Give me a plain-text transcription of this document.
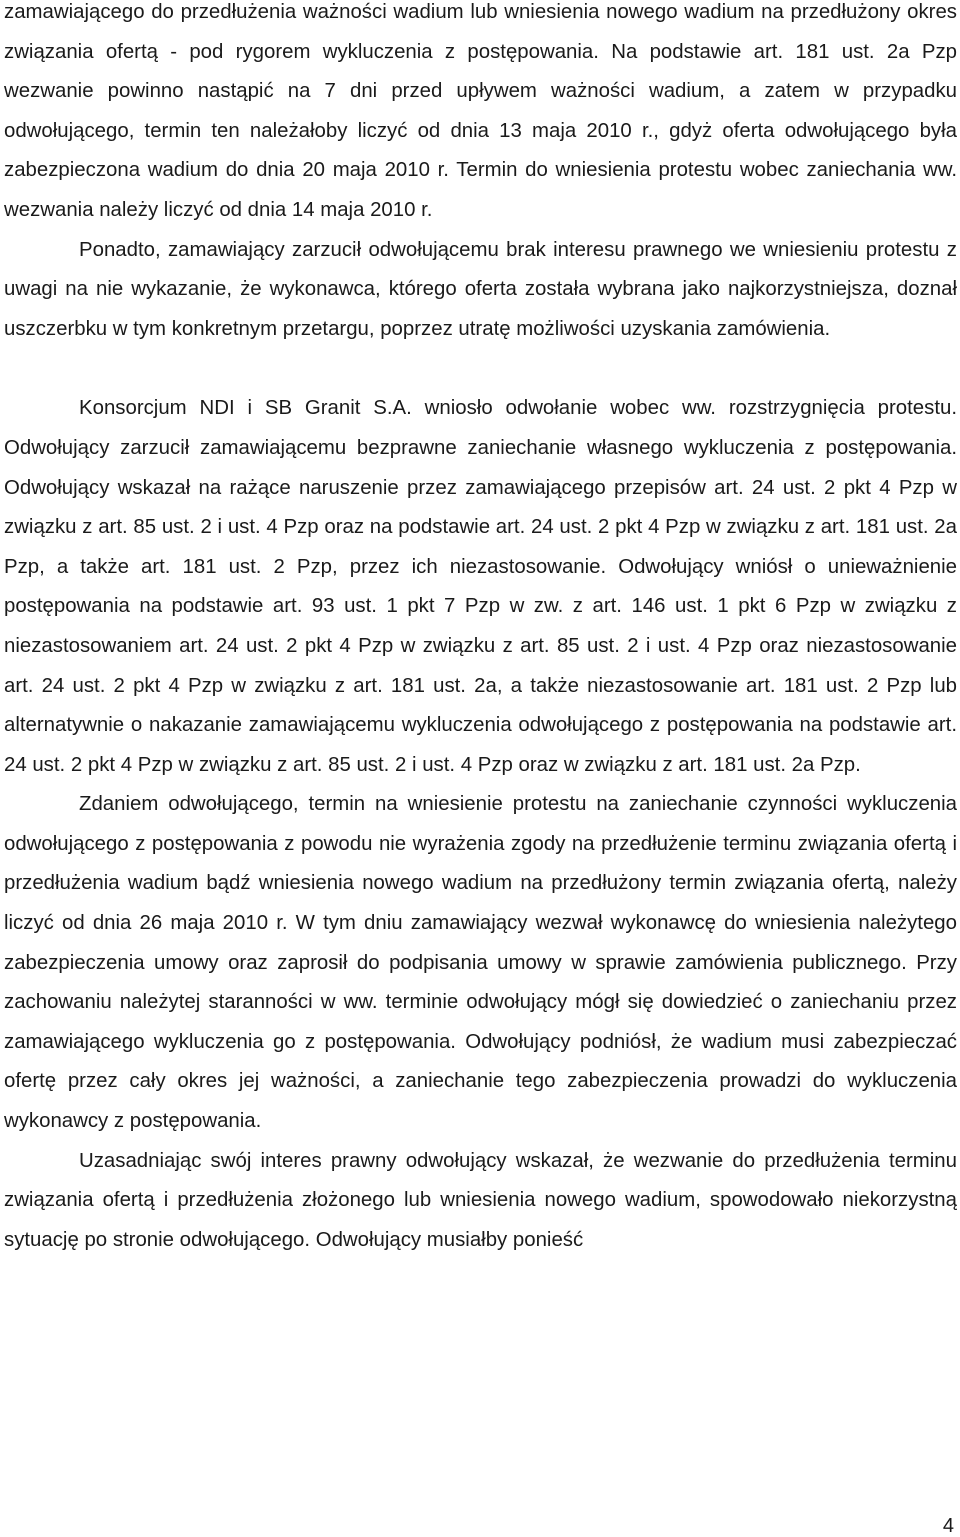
zamawiającego do przedłużenia ważności wadium lub wniesienia nowego wadium na przedłużony okres związania ofertą - pod rygorem wykluczenia z postępowania. Na podstawie art. 181 ust. 2a Pzp wezwanie powinno nastąpić na 7 dni przed upływem ważności wadium, a zatem w przypadku odwołującego, termin ten należałoby liczyć od dnia 13 maja 2010 r., gdyż oferta odwołującego była zabezpieczona wadium do dnia 20 maja 2010 r. Termin do wniesienia protestu wobec zaniechania ww. wezwania należy liczyć od dnia 14 maja 2010 r.

Ponadto, zamawiający zarzucił odwołującemu brak interesu prawnego we wniesieniu protestu z uwagi na nie wykazanie, że wykonawca, którego oferta została wybrana jako najkorzystniejsza, doznał uszczerbku w tym konkretnym przetargu, poprzez utratę możliwości uzyskania zamówienia.

Konsorcjum NDI i SB Granit S.A. wniosło odwołanie wobec ww. rozstrzygnięcia protestu. Odwołujący zarzucił zamawiającemu bezprawne zaniechanie własnego wykluczenia z postępowania. Odwołujący wskazał na rażące naruszenie przez zamawiającego przepisów art. 24 ust. 2 pkt 4 Pzp w związku z art. 85 ust. 2 i ust. 4 Pzp oraz na podstawie art. 24 ust. 2 pkt 4 Pzp w związku z art. 181 ust. 2a Pzp, a także art. 181 ust. 2 Pzp, przez ich niezastosowanie. Odwołujący wniósł o unieważnienie postępowania na podstawie art. 93 ust. 1 pkt 7 Pzp w zw. z art. 146 ust. 1 pkt 6 Pzp w związku z niezastosowaniem art. 24 ust. 2 pkt 4 Pzp w związku z art. 85 ust. 2 i ust. 4 Pzp oraz niezastosowanie art. 24 ust. 2 pkt 4 Pzp w związku z art. 181 ust. 2a, a także niezastosowanie art. 181 ust. 2 Pzp lub alternatywnie o nakazanie zamawiającemu wykluczenia odwołującego z postępowania na podstawie art. 24 ust. 2 pkt 4 Pzp w związku z art. 85 ust. 2 i ust. 4 Pzp oraz w związku z art. 181 ust. 2a Pzp.

Zdaniem odwołującego, termin na wniesienie protestu na zaniechanie czynności wykluczenia odwołującego z postępowania z powodu nie wyrażenia zgody na przedłużenie terminu związania ofertą i przedłużenia wadium bądź wniesienia nowego wadium na przedłużony termin związania ofertą, należy liczyć od dnia 26 maja 2010 r. W tym dniu zamawiający wezwał wykonawcę do wniesienia należytego zabezpieczenia umowy oraz zaprosił do podpisania umowy w sprawie zamówienia publicznego. Przy zachowaniu należytej staranności w ww. terminie odwołujący mógł się dowiedzieć o zaniechaniu przez zamawiającego wykluczenia go z postępowania. Odwołujący podniósł, że wadium musi zabezpieczać ofertę przez cały okres jej ważności, a zaniechanie tego zabezpieczenia prowadzi do wykluczenia wykonawcy z postępowania.

Uzasadniając swój interes prawny odwołujący wskazał, że wezwanie do przedłużenia terminu związania ofertą i przedłużenia złożonego lub wniesienia nowego wadium, spowodowało niekorzystną sytuację po stronie odwołującego. Odwołujący musiałby ponieść

4
